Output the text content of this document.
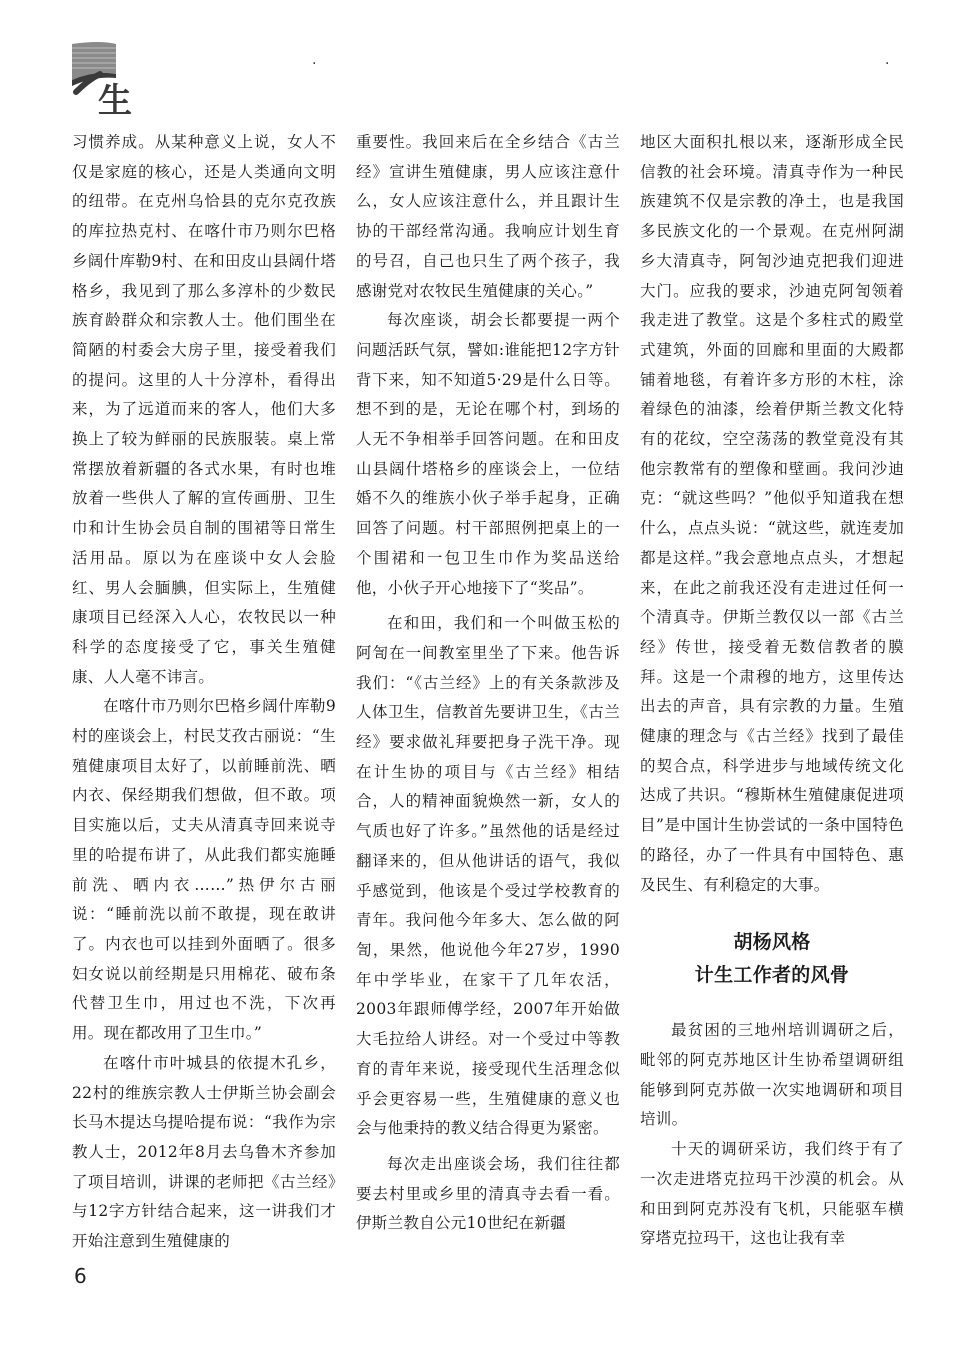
生
·	·

习惯养成。从某种意义上说，女人不仅是家庭的核心，还是人类通向文明的纽带。在克州乌恰县的克尔克孜族的库拉热克村、在喀什市乃则尔巴格乡阔什库勒9村、在和田皮山县阔什塔格乡，我见到了那么多淳朴的少数民族育龄群众和宗教人士。他们围坐在简陋的村委会大房子里，接受着我们的提问。这里的人十分淳朴，看得出来，为了远道而来的客人，他们大多换上了较为鲜丽的民族服装。桌上常常摆放着新疆的各式水果，有时也堆放着一些供人了解的宣传画册、卫生巾和计生协会员自制的围裙等日常生活用品。原以为在座谈中女人会脸红、男人会腼腆，但实际上，生殖健康项目已经深入人心，农牧民以一种科学的态度接受了它，事关生殖健康、人人毫不讳言。

在喀什市乃则尔巴格乡阔什库勒9村的座谈会上，村民艾孜古丽说：“生殖健康项目太好了，以前睡前洗、晒内衣、保经期我们想做，但不敢。项目实施以后，丈夫从清真寺回来说寺里的哈提布讲了，从此我们都实施睡前洗、晒内衣……”热伊尔古丽说：“睡前洗以前不敢提，现在敢讲了。内衣也可以挂到外面晒了。很多妇女说以前经期是只用棉花、破布条代替卫生巾，用过也不洗，下次再用。现在都改用了卫生巾。”

在喀什市叶城县的依提木孔乡，22村的维族宗教人士伊斯兰协会副会长马木提达乌提哈提布说：“我作为宗教人士，2012年8月去乌鲁木齐参加了项目培训，讲课的老师把《古兰经》与12字方针结合起来，这一讲我们才开始注意到生殖健康的

重要性。我回来后在全乡结合《古兰经》宣讲生殖健康，男人应该注意什么，女人应该注意什么，并且跟计生协的干部经常沟通。我响应计划生育的号召，自己也只生了两个孩子，我感谢党对农牧民生殖健康的关心。”

每次座谈，胡会长都要提一两个问题活跃气氛，譬如:谁能把12字方针背下来，知不知道5·29是什么日等。想不到的是，无论在哪个村，到场的人无不争相举手回答问题。在和田皮山县阔什塔格乡的座谈会上，一位结婚不久的维族小伙子举手起身，正确回答了问题。村干部照例把桌上的一个围裙和一包卫生巾作为奖品送给他，小伙子开心地接下了“奖品”。

在和田，我们和一个叫做玉松的阿訇在一间教室里坐了下来。他告诉我们：“《古兰经》上的有关条款涉及人体卫生，信教首先要讲卫生，《古兰经》要求做礼拜要把身子洗干净。现在计生协的项目与《古兰经》相结合，人的精神面貌焕然一新，女人的气质也好了许多。”虽然他的话是经过翻译来的，但从他讲话的语气，我似乎感觉到，他该是个受过学校教育的青年。我问他今年多大、怎么做的阿訇，果然，他说他今年27岁，1990年中学毕业，在家干了几年农活，2003年跟师傅学经，2007年开始做大毛拉给人讲经。对一个受过中等教育的青年来说，接受现代生活理念似乎会更容易一些，生殖健康的意义也会与他秉持的教义结合得更为紧密。

每次走出座谈会场，我们往往都要去村里或乡里的清真寺去看一看。伊斯兰教自公元10世纪在新疆

地区大面积扎根以来，逐渐形成全民信教的社会环境。清真寺作为一种民族建筑不仅是宗教的净土，也是我国多民族文化的一个景观。在克州阿湖乡大清真寺，阿訇沙迪克把我们迎进大门。应我的要求，沙迪克阿訇领着我走进了教堂。这是个多柱式的殿堂式建筑，外面的回廊和里面的大殿都铺着地毯，有着许多方形的木柱，涂着绿色的油漆，绘着伊斯兰教文化特有的花纹，空空荡荡的教堂竟没有其他宗教常有的塑像和壁画。我问沙迪克：“就这些吗？”他似乎知道我在想什么，点点头说：“就这些，就连麦加都是这样。”我会意地点点头，才想起来，在此之前我还没有走进过任何一个清真寺。伊斯兰教仅以一部《古兰经》传世，接受着无数信教者的膜拜。这是一个肃穆的地方，这里传达出去的声音，具有宗教的力量。生殖健康的理念与《古兰经》找到了最佳的契合点，科学进步与地域传统文化达成了共识。“穆斯林生殖健康促进项目”是中国计生协尝试的一条中国特色的路径，办了一件具有中国特色、惠及民生、有利稳定的大事。

胡杨风格
计生工作者的风骨

最贫困的三地州培训调研之后，毗邻的阿克苏地区计生协希望调研组能够到阿克苏做一次实地调研和项目培训。

十天的调研采访，我们终于有了一次走进塔克拉玛干沙漠的机会。从和田到阿克苏没有飞机，只能驱车横穿塔克拉玛干，这也让我有幸

6
